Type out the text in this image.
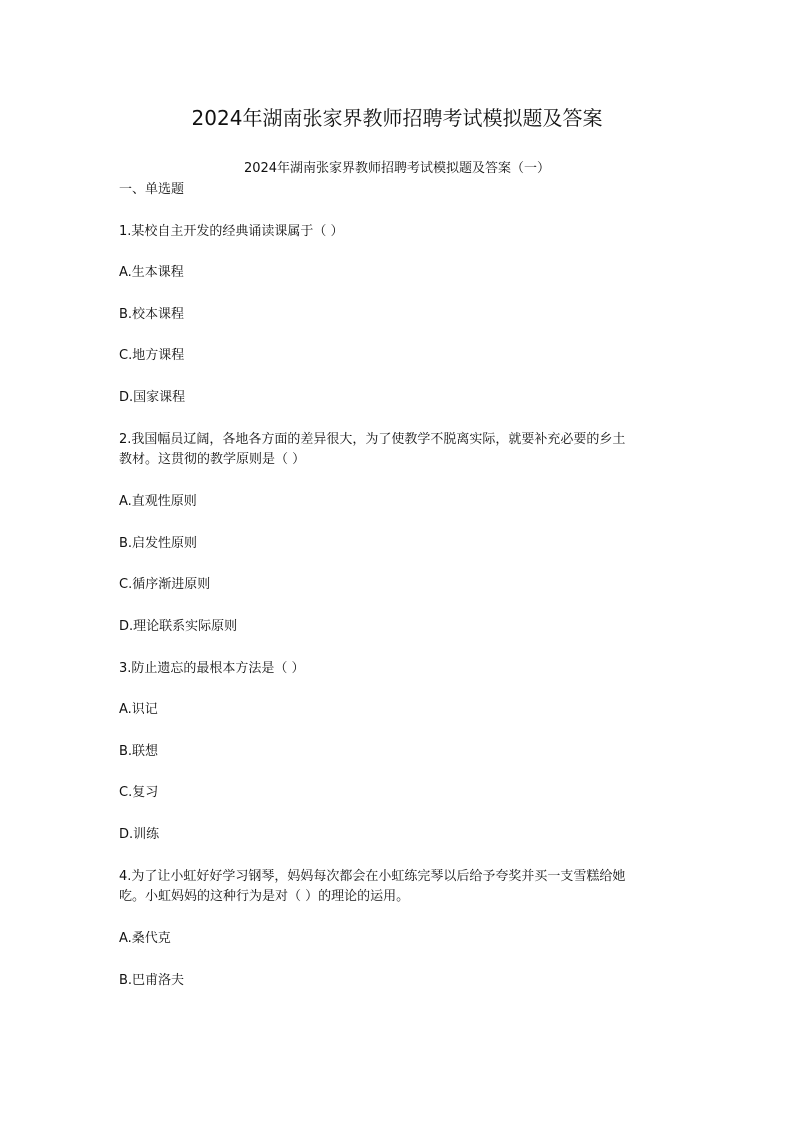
2024年湖南张家界教师招聘考试模拟题及答案
2024年湖南张家界教师招聘考试模拟题及答案（一）
一、单选题
1.某校自主开发的经典诵读课属于（ ）
A.生本课程
B.校本课程
C.地方课程
D.国家课程
2.我国幅员辽阔，各地各方面的差异很大，为了使教学不脱离实际，就要补充必要的乡土
教材。这贯彻的教学原则是（ ）
A.直观性原则
B.启发性原则
C.循序渐进原则
D.理论联系实际原则
3.防止遗忘的最根本方法是（ ）
A.识记
B.联想
C.复习
D.训练
4.为了让小虹好好学习钢琴，妈妈每次都会在小虹练完琴以后给予夸奖并买一支雪糕给她
吃。小虹妈妈的这种行为是对（ ）的理论的运用。
A.桑代克
B.巴甫洛夫
